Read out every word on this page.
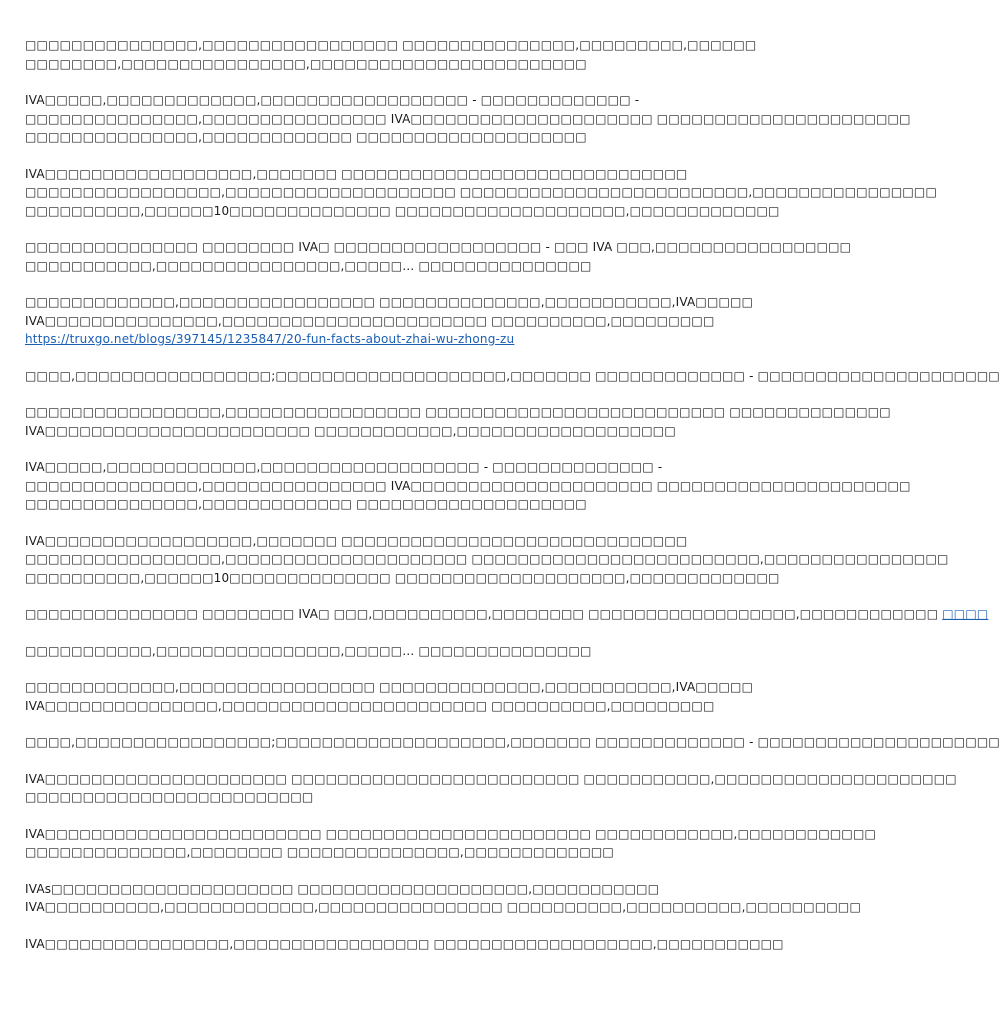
□□□□□□□□□□□□□□□,□□□□□□□□□□□□□□□□□ □□□□□□□□□□□□□□□,□□□□□□□□□,□□□□□□
□□□□□□□□,□□□□□□□□□□□□□□□□,□□□□□□□□□□□□□□□□□□□□□□□□

IVA□□□□□,□□□□□□□□□□□□□,□□□□□□□□□□□□□□□□□□ - □□□□□□□□□□□□□ -
□□□□□□□□□□□□□□□,□□□□□□□□□□□□□□□□ IVA□□□□□□□□□□□□□□□□□□□□□ □□□□□□□□□□□□□□□□□□□□□□
□□□□□□□□□□□□□□□,□□□□□□□□□□□□□ □□□□□□□□□□□□□□□□□□□□

IVA□□□□□□□□□□□□□□□□□□,□□□□□□□ □□□□□□□□□□□□□□□□□□□□□□□□□□□□□□
□□□□□□□□□□□□□□□□□,□□□□□□□□□□□□□□□□□□□□ □□□□□□□□□□□□□□□□□□□□□□□□□,□□□□□□□□□□□□□□□□
□□□□□□□□□□,□□□□□□10□□□□□□□□□□□□□□ □□□□□□□□□□□□□□□□□□□□,□□□□□□□□□□□□□

□□□□□□□□□□□□□□□ □□□□□□□□ IVA□ □□□□□□□□□□□□□□□□□□ - □□□ IVA □□□,□□□□□□□□□□□□□□□□□
□□□□□□□□□□□,□□□□□□□□□□□□□□□□,□□□□□… □□□□□□□□□□□□□□□

□□□□□□□□□□□□□,□□□□□□□□□□□□□□□□□ □□□□□□□□□□□□□□,□□□□□□□□□□□,IVA□□□□□
IVA□□□□□□□□□□□□□□□,□□□□□□□□□□□□□□□□□□□□□□□ □□□□□□□□□□,□□□□□□□□□
https://truxgo.net/blogs/397145/1235847/20-fun-facts-about-zhai-wu-zhong-zu

□□□□,□□□□□□□□□□□□□□□□□;□□□□□□□□□□□□□□□□□□□□,□□□□□□□ □□□□□□□□□□□□□ - □□□□□□□□□□□□□□□□□□□□□

□□□□□□□□□□□□□□□□□,□□□□□□□□□□□□□□□□□ □□□□□□□□□□□□□□□□□□□□□□□□□□ □□□□□□□□□□□□□□
IVA□□□□□□□□□□□□□□□□□□□□□□□ □□□□□□□□□□□□,□□□□□□□□□□□□□□□□□□□

IVA□□□□□,□□□□□□□□□□□□□,□□□□□□□□□□□□□□□□□□□ - □□□□□□□□□□□□□□ -
□□□□□□□□□□□□□□□,□□□□□□□□□□□□□□□□ IVA□□□□□□□□□□□□□□□□□□□□□ □□□□□□□□□□□□□□□□□□□□□□
□□□□□□□□□□□□□□□,□□□□□□□□□□□□□ □□□□□□□□□□□□□□□□□□□□

IVA□□□□□□□□□□□□□□□□□□,□□□□□□□ □□□□□□□□□□□□□□□□□□□□□□□□□□□□□□
□□□□□□□□□□□□□□□□□,□□□□□□□□□□□□□□□□□□□□□ □□□□□□□□□□□□□□□□□□□□□□□□□,□□□□□□□□□□□□□□□□
□□□□□□□□□□,□□□□□□10□□□□□□□□□□□□□□ □□□□□□□□□□□□□□□□□□□□,□□□□□□□□□□□□□

□□□□□□□□□□□□□□□ □□□□□□□□ IVA□ □□□,□□□□□□□□□□,□□□□□□□□ □□□□□□□□□□□□□□□□□□,□□□□□□□□□□□□ □□□□

□□□□□□□□□□□,□□□□□□□□□□□□□□□□,□□□□□… □□□□□□□□□□□□□□□

□□□□□□□□□□□□□,□□□□□□□□□□□□□□□□□ □□□□□□□□□□□□□□,□□□□□□□□□□□,IVA□□□□□
IVA□□□□□□□□□□□□□□□,□□□□□□□□□□□□□□□□□□□□□□□ □□□□□□□□□□,□□□□□□□□□

□□□□,□□□□□□□□□□□□□□□□□;□□□□□□□□□□□□□□□□□□□□,□□□□□□□ □□□□□□□□□□□□□ - □□□□□□□□□□□□□□□□□□□□□

IVA□□□□□□□□□□□□□□□□□□□□□ □□□□□□□□□□□□□□□□□□□□□□□□□ □□□□□□□□□□□,□□□□□□□□□□□□□□□□□□□□□
□□□□□□□□□□□□□□□□□□□□□□□□□

IVA□□□□□□□□□□□□□□□□□□□□□□□□ □□□□□□□□□□□□□□□□□□□□□□□ □□□□□□□□□□□□,□□□□□□□□□□□□
□□□□□□□□□□□□□□,□□□□□□□□ □□□□□□□□□□□□□□□,□□□□□□□□□□□□□

IVAs□□□□□□□□□□□□□□□□□□□□□ □□□□□□□□□□□□□□□□□□□□,□□□□□□□□□□□
IVA□□□□□□□□□□,□□□□□□□□□□□□□,□□□□□□□□□□□□□□□□ □□□□□□□□□□,□□□□□□□□□□,□□□□□□□□□□

IVA□□□□□□□□□□□□□□□□,□□□□□□□□□□□□□□□□□ □□□□□□□□□□□□□□□□□□□,□□□□□□□□□□□
